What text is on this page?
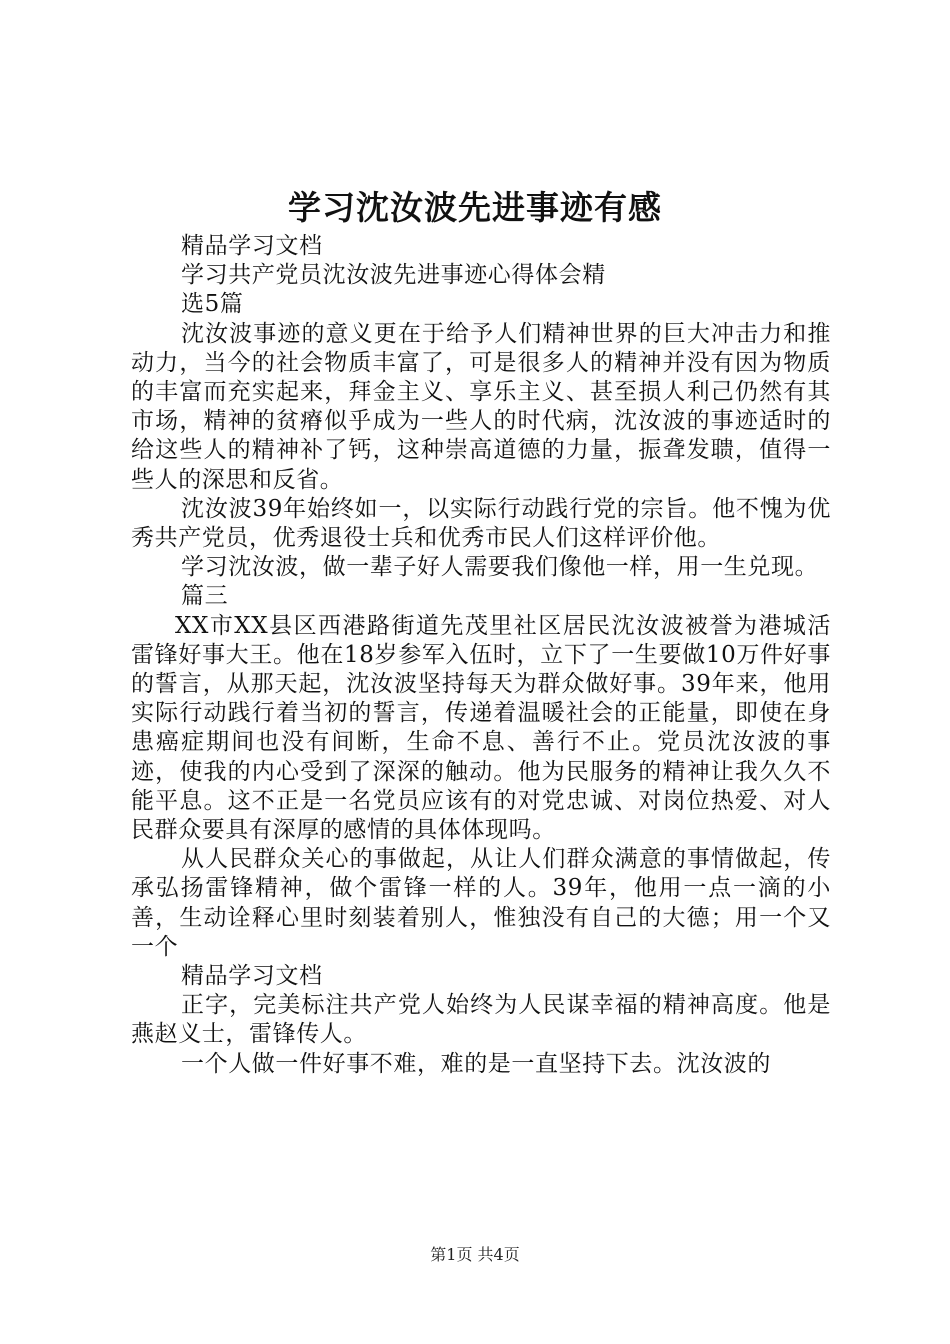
学习沈汝波先进事迹有感

精品学习文档

学习共产党员沈汝波先进事迹心得体会精

选5篇

沈汝波事迹的意义更在于给予人们精神世界的巨大冲击力和推动力，当今的社会物质丰富了，可是很多人的精神并没有因为物质的丰富而充实起来，拜金主义、享乐主义、甚至损人利己仍然有其市场，精神的贫瘠似乎成为一些人的时代病，沈汝波的事迹适时的给这些人的精神补了钙，这种崇高道德的力量，振聋发聩，值得一些人的深思和反省。

沈汝波39年始终如一，以实际行动践行党的宗旨。他不愧为优秀共产党员，优秀退役士兵和优秀市民人们这样评价他。

学习沈汝波，做一辈子好人需要我们像他一样，用一生兑现。

篇三

XX市XX县区西港路街道先茂里社区居民沈汝波被誉为港城活雷锋好事大王。他在18岁参军入伍时，立下了一生要做10万件好事的誓言，从那天起，沈汝波坚持每天为群众做好事。39年来，他用实际行动践行着当初的誓言，传递着温暖社会的正能量，即使在身患癌症期间也没有间断，生命不息、善行不止。党员沈汝波的事迹，使我的内心受到了深深的触动。他为民服务的精神让我久久不能平息。这不正是一名党员应该有的对党忠诚、对岗位热爱、对人民群众要具有深厚的感情的具体体现吗。

从人民群众关心的事做起，从让人们群众满意的事情做起，传承弘扬雷锋精神，做个雷锋一样的人。39年，他用一点一滴的小善，生动诠释心里时刻装着别人，惟独没有自己的大德；用一个又一个

精品学习文档

正字，完美标注共产党人始终为人民谋幸福的精神高度。他是燕赵义士，雷锋传人。

一个人做一件好事不难，难的是一直坚持下去。沈汝波的

第1页 共4页
